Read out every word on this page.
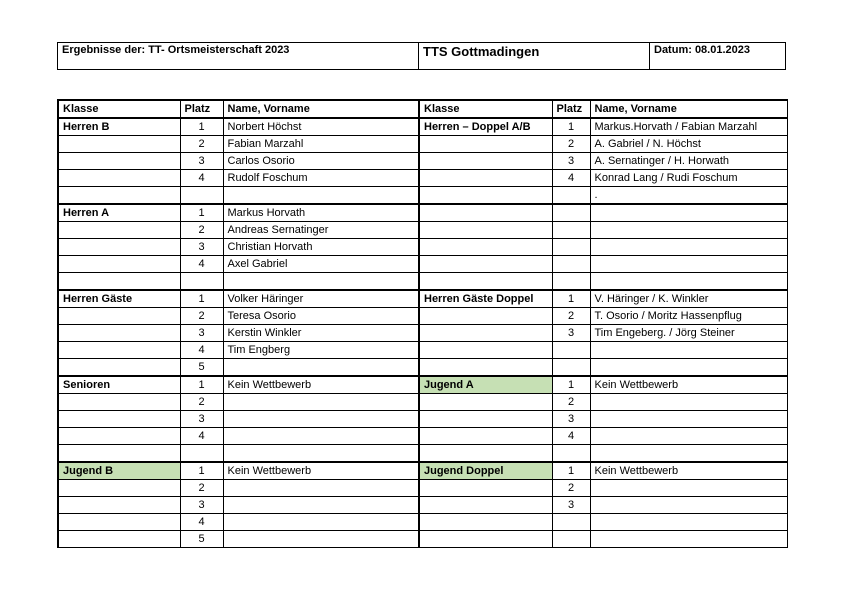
Ergebnisse der: TT- Ortsmeisterschaft 2023	TTS Gottmadingen	Datum: 08.01.2023
Klasse	Platz	Name, Vorname	Klasse	Platz	Name, Vorname
Herren B	1	Norbert Höchst	Herren – Doppel A/B	1	Markus.Horvath / Fabian Marzahl
	2	Fabian Marzahl		2	A. Gabriel / N. Höchst
	3	Carlos Osorio		3	A. Sernatinger / H. Horwath
	4	Rudolf Foschum		4	Konrad Lang / Rudi Foschum
					.
Herren A	1	Markus Horvath			
	2	Andreas Sernatinger			
	3	Christian Horvath			
	4	Axel Gabriel			

Herren Gäste	1	Volker Häringer	Herren Gäste Doppel	1	V. Häringer / K. Winkler
	2	Teresa Osorio		2	T. Osorio / Moritz Hassenpflug
	3	Kerstin Winkler		3	Tim Engeberg. / Jörg Steiner
	4	Tim Engberg			
	5				
Senioren	1	Kein Wettbewerb	Jugend A	1	Kein Wettbewerb
	2			2	
	3			3	
	4			4	

Jugend B	1	Kein Wettbewerb	Jugend Doppel	1	Kein Wettbewerb
	2			2	
	3			3	
	4				
	5				
